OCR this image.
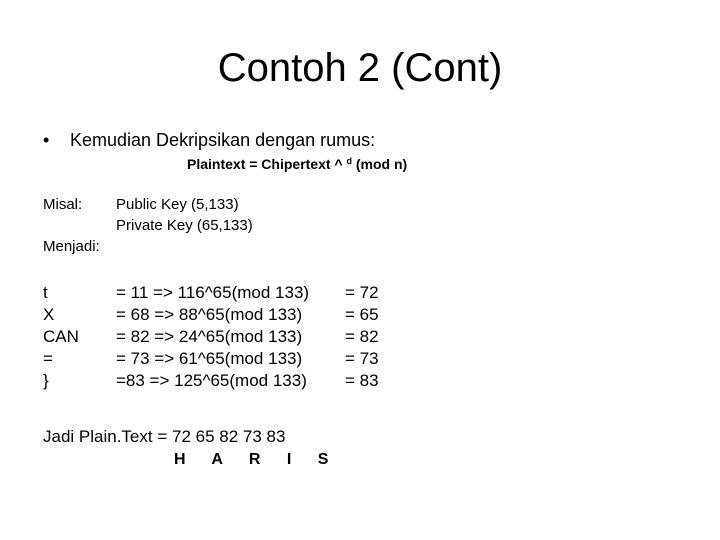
Contoh 2 (Cont)
• Kemudian Dekripsikan dengan rumus:
Plaintext = Chipertext ^ $^d$ (mod n)
Misal: Public Key (5,133)
Private Key (65,133)
Menjadi:
t	= 11 => 116^65(mod 133)	= 72
X	= 68 => 88^65(mod 133)	= 65
CAN	= 82 => 24^65(mod 133)	= 82
=	= 73 => 61^65(mod 133)	= 73
}	=83 => 125^65(mod 133)	= 83
Jadi Plain.Text = 72 65 82 73 83
H A R I S
